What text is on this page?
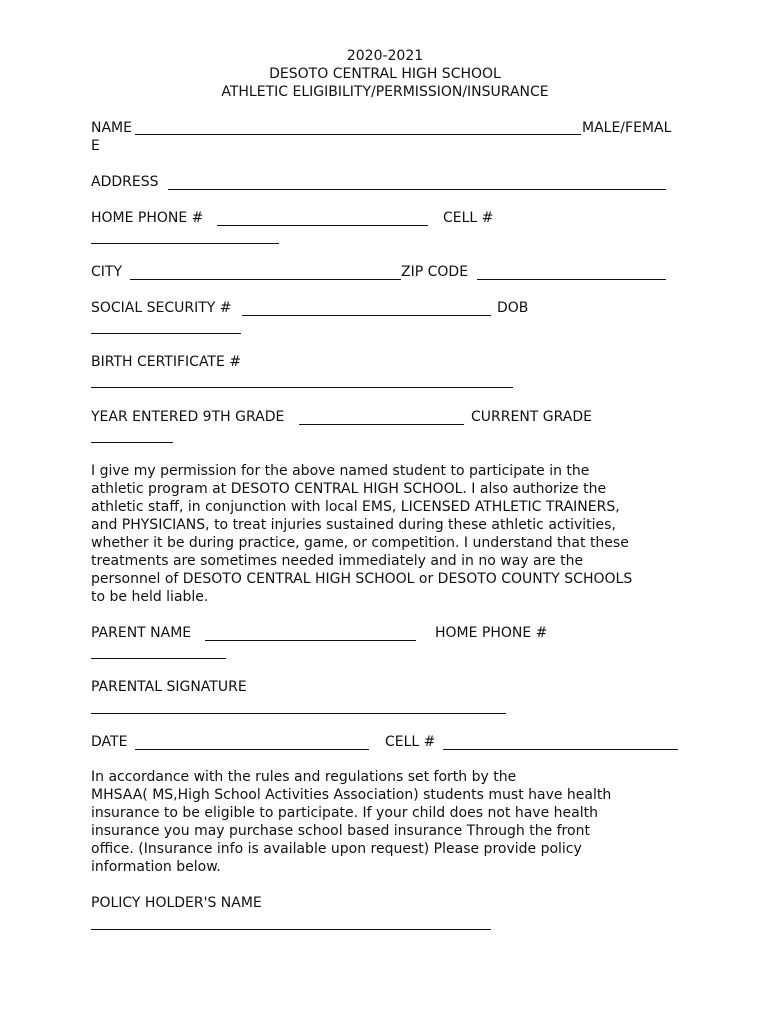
2020-2021
DESOTO CENTRAL HIGH SCHOOL
ATHLETIC ELIGIBILITY/PERMISSION/INSURANCE
NAME	MALE/FEMAL
E
ADDRESS
HOME PHONE #	CELL #
CITY	ZIP CODE
SOCIAL SECURITY #	DOB
BIRTH CERTIFICATE #
YEAR ENTERED 9TH GRADE	CURRENT GRADE
I give my permission for the above named student to participate in the
athletic program at DESOTO CENTRAL HIGH SCHOOL. I also authorize the
athletic staff, in conjunction with local EMS, LICENSED ATHLETIC TRAINERS,
and PHYSICIANS, to treat injuries sustained during these athletic activities,
whether it be during practice, game, or competition. I understand that these
treatments are sometimes needed immediately and in no way are the
personnel of DESOTO CENTRAL HIGH SCHOOL or DESOTO COUNTY SCHOOLS
to be held liable.
PARENT NAME	HOME PHONE #
PARENTAL SIGNATURE
DATE	CELL #
In accordance with the rules and regulations set forth by the
MHSAA( MS,High School Activities Association) students must have health
insurance to be eligible to participate. If your child does not have health
insurance you may purchase school based insurance Through the front
office. (Insurance info is available upon request) Please provide policy
information below.
POLICY HOLDER'S NAME
